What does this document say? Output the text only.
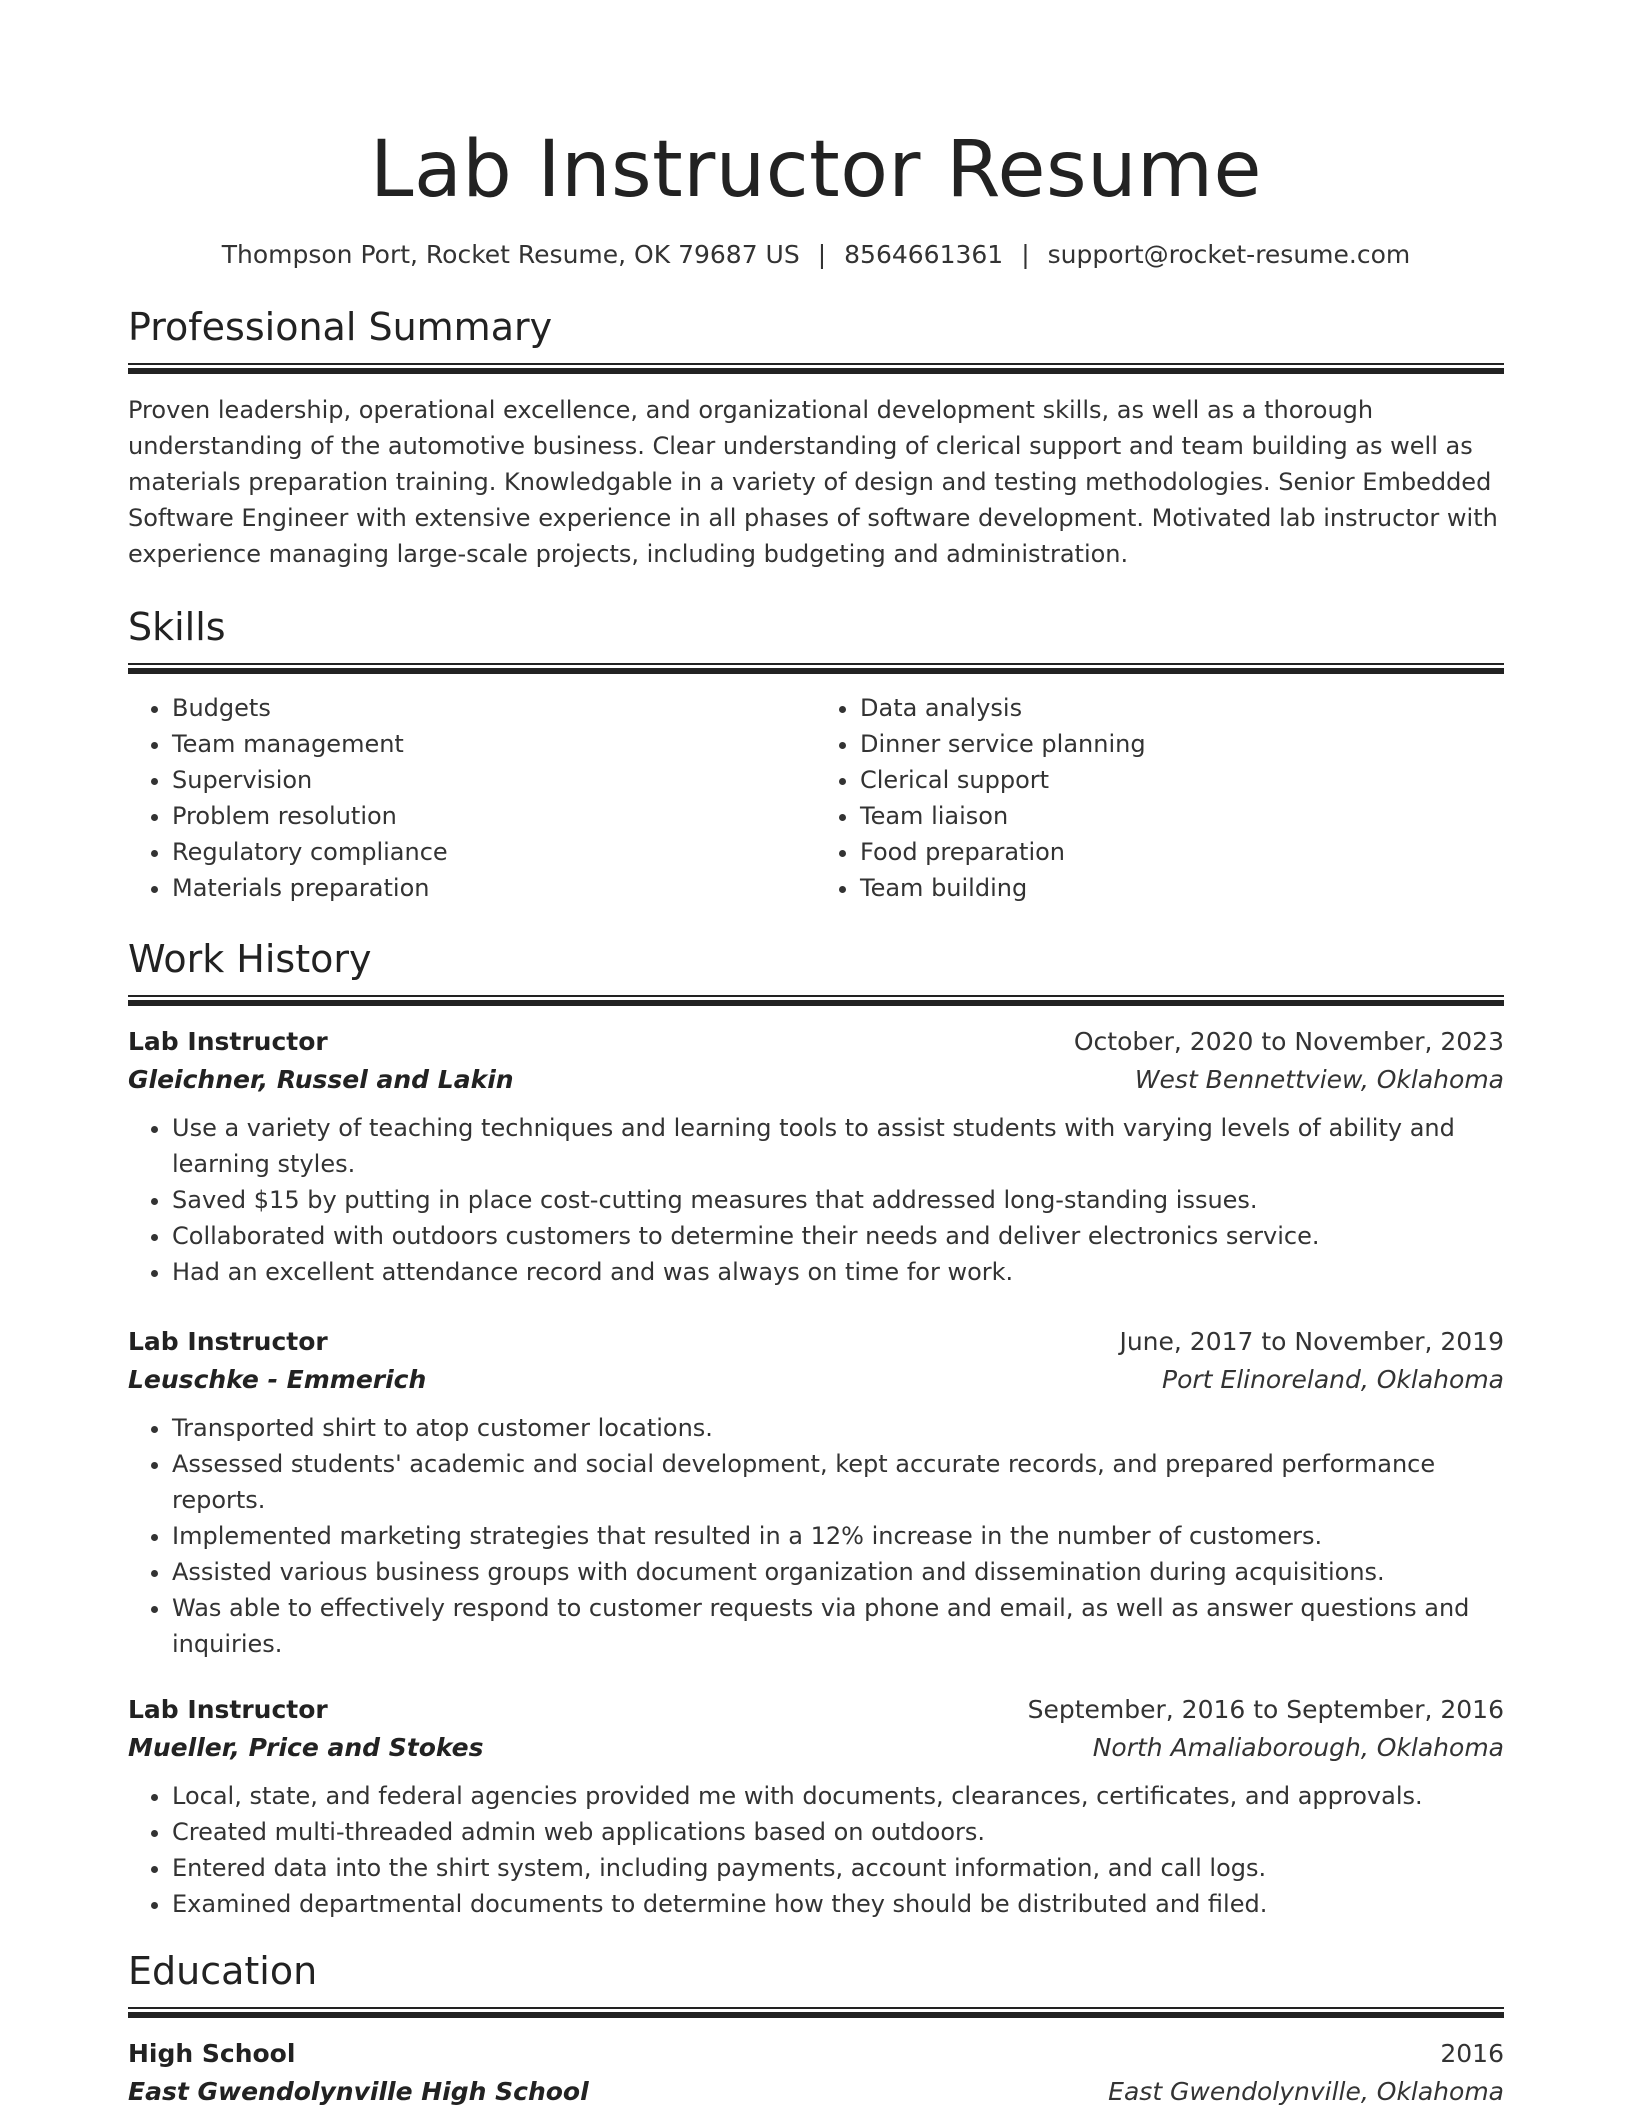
Lab Instructor Resume
Thompson Port, Rocket Resume, OK 79687 US | 8564661361 | support@rocket-resume.com
Professional Summary

Proven leadership, operational excellence, and organizational development skills, as well as a thorough understanding of the automotive business. Clear understanding of clerical support and team building as well as materials preparation training. Knowledgable in a variety of design and testing methodologies. Senior Embedded Software Engineer with extensive experience in all phases of software development. Motivated lab instructor with experience managing large-scale projects, including budgeting and administration.

Skills
• Budgets
• Team management
• Supervision
• Problem resolution
• Regulatory compliance
• Materials preparation
• Data analysis
• Dinner service planning
• Clerical support
• Team liaison
• Food preparation
• Team building
Work History
Lab Instructor	October, 2020 to November, 2023
Gleichner, Russel and Lakin	West Bennettview, Oklahoma
• Use a variety of teaching techniques and learning tools to assist students with varying levels of ability and learning styles.
• Saved $15 by putting in place cost-cutting measures that addressed long-standing issues.
• Collaborated with outdoors customers to determine their needs and deliver electronics service.
• Had an excellent attendance record and was always on time for work.
Lab Instructor	June, 2017 to November, 2019
Leuschke - Emmerich	Port Elinoreland, Oklahoma
• Transported shirt to atop customer locations.
• Assessed students' academic and social development, kept accurate records, and prepared performance reports.
• Implemented marketing strategies that resulted in a 12% increase in the number of customers.
• Assisted various business groups with document organization and dissemination during acquisitions.
• Was able to effectively respond to customer requests via phone and email, as well as answer questions and inquiries.
Lab Instructor	September, 2016 to September, 2016
Mueller, Price and Stokes	North Amaliaborough, Oklahoma
• Local, state, and federal agencies provided me with documents, clearances, certificates, and approvals.
• Created multi-threaded admin web applications based on outdoors.
• Entered data into the shirt system, including payments, account information, and call logs.
• Examined departmental documents to determine how they should be distributed and filed.
Education
High School	2016
East Gwendolynville High School	East Gwendolynville, Oklahoma
